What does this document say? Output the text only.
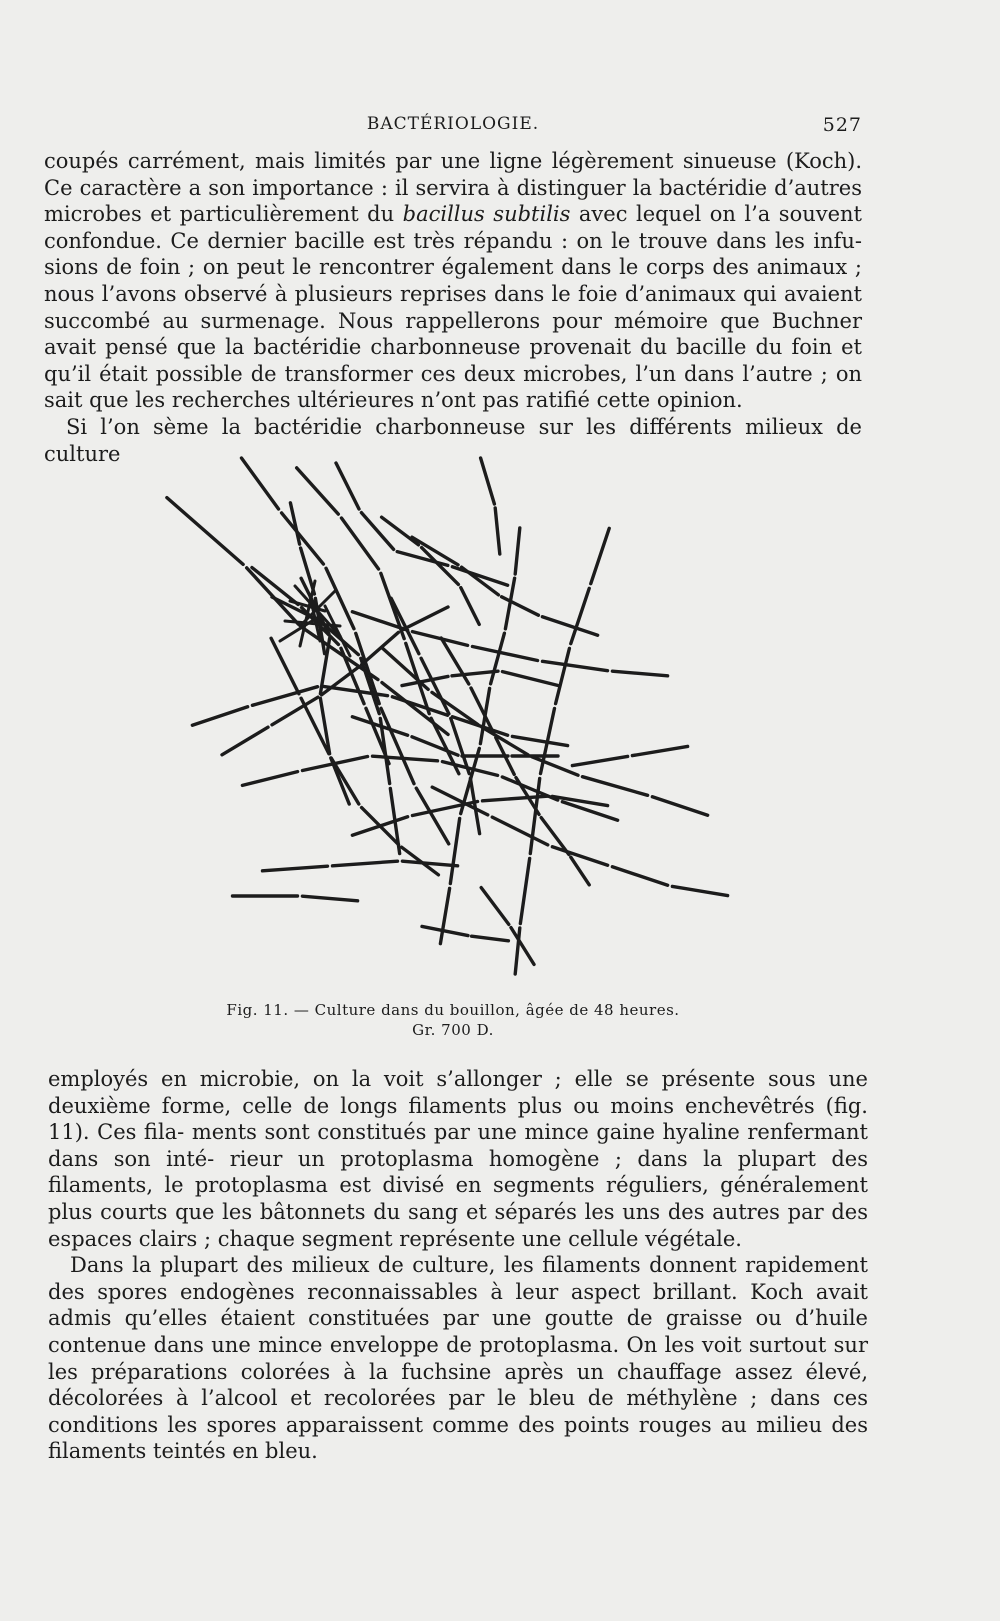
BACTÉRIOLOGIE.	527

coupés carrément, mais limités par une ligne légèrement sinueuse (Koch). Ce caractère a son importance : il servira à distinguer la bactéridie d’autres microbes et particulièrement du bacillus subtilis avec lequel on l’a souvent confondue. Ce dernier bacille est très répandu : on le trouve dans les infu- sions de foin ; on peut le rencontrer également dans le corps des animaux ; nous l’avons observé à plusieurs reprises dans le foie d’animaux qui avaient succombé au surmenage. Nous rappellerons pour mémoire que Buchner avait pensé que la bactéridie charbonneuse provenait du bacille du foin et qu’il était possible de transformer ces deux microbes, l’un dans l’autre ; on sait que les recherches ultérieures n’ont pas ratifié cette opinion.

Si l’on sème la bactéridie charbonneuse sur les différents milieux de culture

Fig. 11. — Culture dans du bouillon, âgée de 48 heures.
Gr. 700 D.

employés en microbie, on la voit s’allonger ; elle se présente sous une deuxième forme, celle de longs filaments plus ou moins enchevêtrés (fig. 11). Ces fila- ments sont constitués par une mince gaine hyaline renfermant dans son inté- rieur un protoplasma homogène ; dans la plupart des filaments, le protoplasma est divisé en segments réguliers, généralement plus courts que les bâtonnets du sang et séparés les uns des autres par des espaces clairs ; chaque segment représente une cellule végétale.

Dans la plupart des milieux de culture, les filaments donnent rapidement des spores endogènes reconnaissables à leur aspect brillant. Koch avait admis qu’elles étaient constituées par une goutte de graisse ou d’huile contenue dans une mince enveloppe de protoplasma. On les voit surtout sur les préparations colorées à la fuchsine après un chauffage assez élevé, décolorées à l’alcool et recolorées par le bleu de méthylène ; dans ces conditions les spores apparaissent comme des points rouges au milieu des filaments teintés en bleu.
